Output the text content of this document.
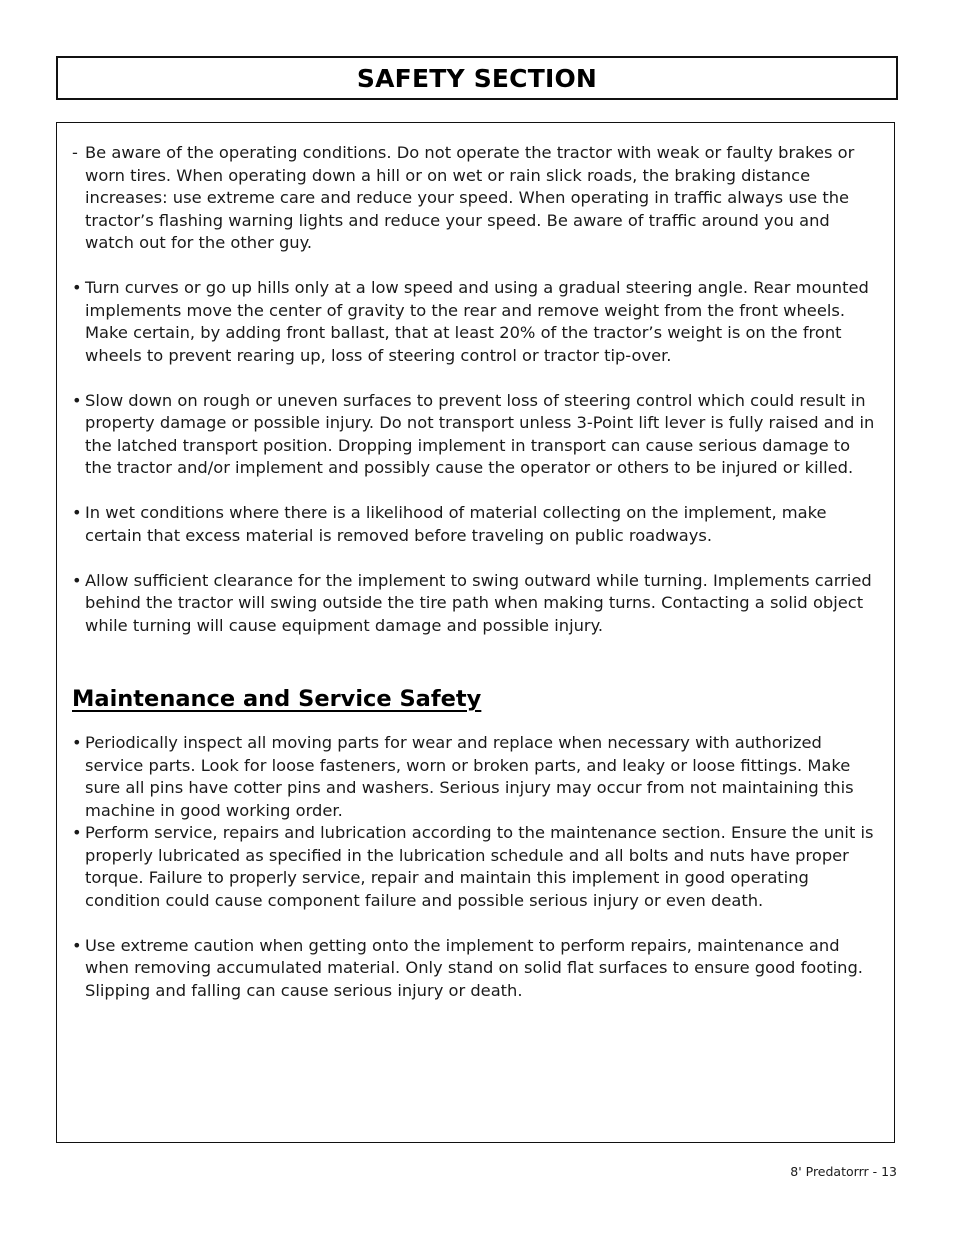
SAFETY SECTION
- Be aware of the operating conditions. Do not operate the tractor with weak or faulty brakes or worn tires. When operating down a hill or on wet or rain slick roads, the braking distance increases: use extreme care and reduce your speed. When operating in traffic always use the tractor’s flashing warning lights and reduce your speed. Be aware of traffic around you and watch out for the other guy.
• Turn curves or go up hills only at a low speed and using a gradual steering angle. Rear mounted implements move the center of gravity to the rear and remove weight from the front wheels. Make certain, by adding front ballast, that at least 20% of the tractor’s weight is on the front wheels to prevent rearing up, loss of steering control or tractor tip-over.
• Slow down on rough or uneven surfaces to prevent loss of steering control which could result in property damage or possible injury. Do not transport unless 3-Point lift lever is fully raised and in the latched transport position. Dropping implement in transport can cause serious damage to the tractor and/or implement and possibly cause the operator or others to be injured or killed.
• In wet conditions where there is a likelihood of material collecting on the implement, make certain that excess material is removed before traveling on public roadways.
• Allow sufficient clearance for the implement to swing outward while turning. Implements carried behind the tractor will swing outside the tire path when making turns. Contacting a solid object while turning will cause equipment damage and possible injury.
Maintenance and Service Safety
• Periodically inspect all moving parts for wear and replace when necessary with authorized service parts. Look for loose fasteners, worn or broken parts, and leaky or loose fittings. Make sure all pins have cotter pins and washers. Serious injury may occur from not maintaining this machine in good working order.
• Perform service, repairs and lubrication according to the maintenance section. Ensure the unit is properly lubricated as specified in the lubrication schedule and all bolts and nuts have proper torque. Failure to properly service, repair and maintain this implement in good operating condition could cause component failure and possible serious injury or even death.
• Use extreme caution when getting onto the implement to perform repairs, maintenance and when removing accumulated material. Only stand on solid flat surfaces to ensure good footing. Slipping and falling can cause serious injury or death.
8' Predatorrr - 13
